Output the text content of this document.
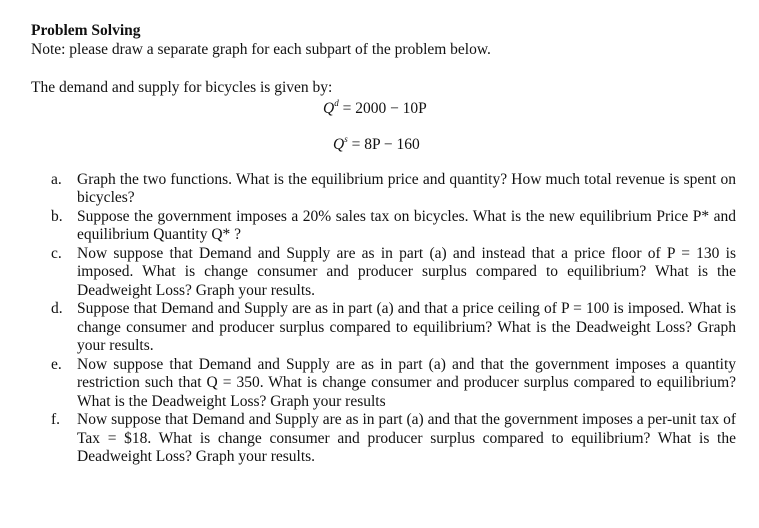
Problem Solving

Note: please draw a separate graph for each subpart of the problem below.

The demand and supply for bicycles is given by:

$Q^d = 2000 - 10P$

$Q^s = 8P - 160$

a. Graph the two functions. What is the equilibrium price and quantity? How much total revenue is spent on bicycles?
b. Suppose the government imposes a 20% sales tax on bicycles. What is the new equilibrium Price P* and equilibrium Quantity Q* ?
c. Now suppose that Demand and Supply are as in part (a) and instead that a price floor of P = 130 is imposed. What is change consumer and producer surplus compared to equilibrium? What is the Deadweight Loss? Graph your results.
d. Suppose that Demand and Supply are as in part (a) and that a price ceiling of P = 100 is imposed. What is change consumer and producer surplus compared to equilibrium? What is the Deadweight Loss? Graph your results.
e. Now suppose that Demand and Supply are as in part (a) and that the government imposes a quantity restriction such that Q = 350. What is change consumer and producer surplus compared to equilibrium? What is the Deadweight Loss? Graph your results
f.	Now suppose that Demand and Supply are as in part (a) and that the government imposes a per-unit tax of Tax = $18. What is change consumer and producer surplus compared to equilibrium? What is the Deadweight Loss? Graph your results.
